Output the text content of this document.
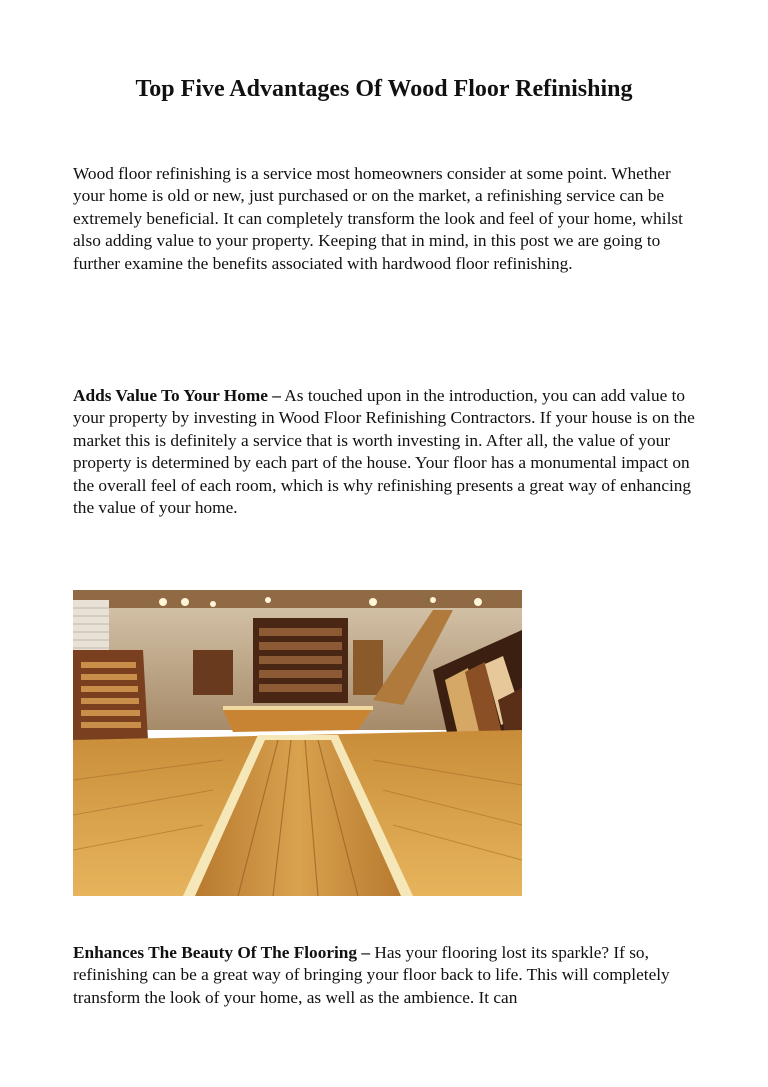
Top Five Advantages Of Wood Floor Refinishing

Wood floor refinishing is a service most homeowners consider at some point. Whether your home is old or new, just purchased or on the market, a refinishing service can be extremely beneficial. It can completely transform the look and feel of your home, whilst also adding value to your property. Keeping that in mind, in this post we are going to further examine the benefits associated with hardwood floor refinishing.

Adds Value To Your Home – As touched upon in the introduction, you can add value to your property by investing in Wood Floor Refinishing Contractors. If your house is on the market this is definitely a service that is worth investing in. After all, the value of your property is determined by each part of the house. Your floor has a monumental impact on the overall feel of each room, which is why refinishing presents a great way of enhancing the value of your home.

Enhances The Beauty Of The Flooring – Has your flooring lost its sparkle? If so, refinishing can be a great way of bringing your floor back to life. This will completely transform the look of your home, as well as the ambience. It can
